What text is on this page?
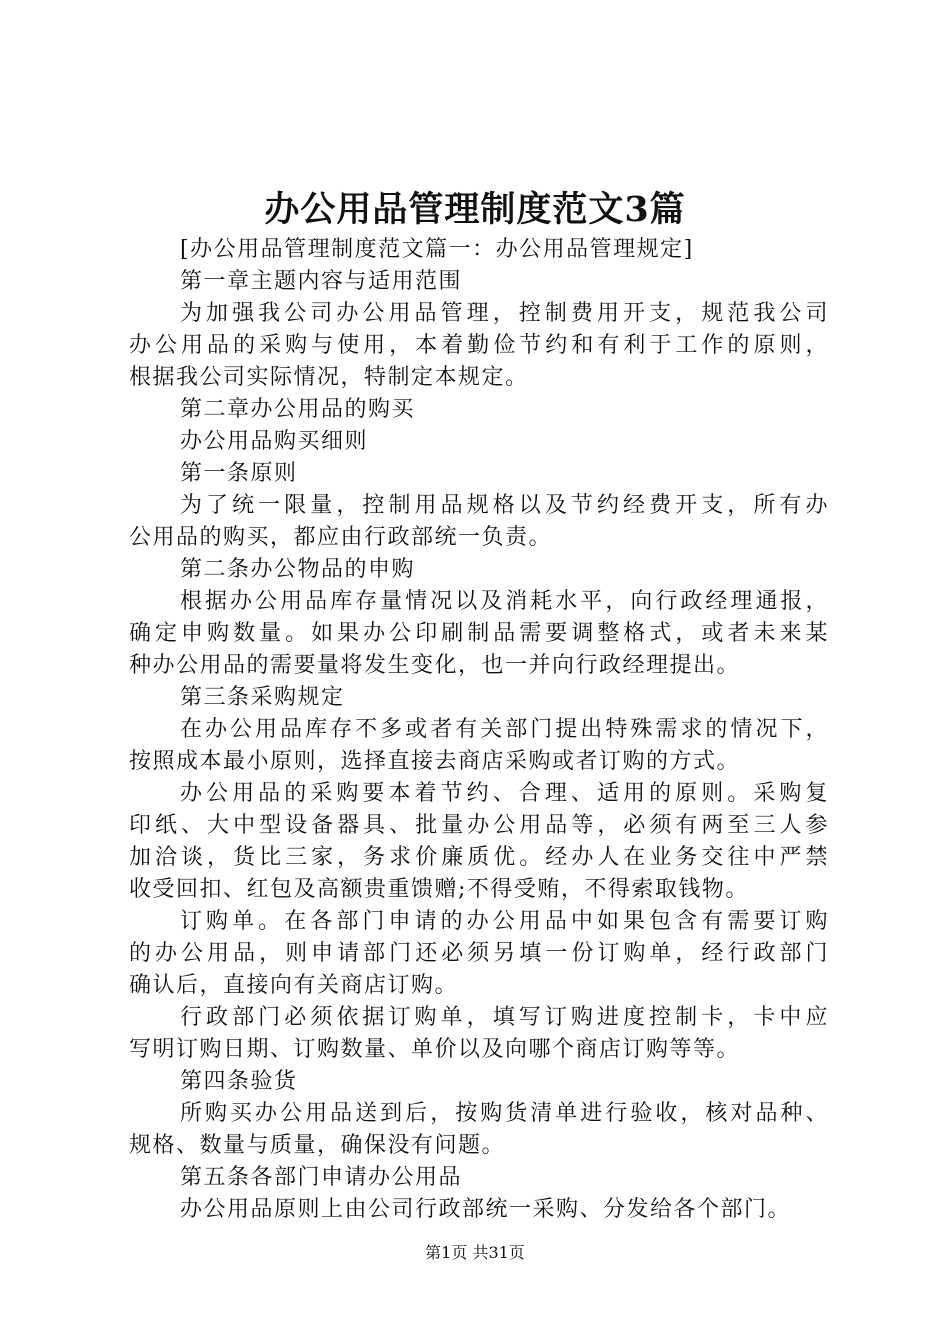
办公用品管理制度范文3篇
[办公用品管理制度范文篇一：办公用品管理规定]
第一章主题内容与适用范围
为加强我公司办公用品管理，控制费用开支，规范我公司
办公用品的采购与使用，本着勤俭节约和有利于工作的原则，
根据我公司实际情况，特制定本规定。
第二章办公用品的购买
办公用品购买细则
第一条原则
为了统一限量，控制用品规格以及节约经费开支，所有办
公用品的购买，都应由行政部统一负责。
第二条办公物品的申购
根据办公用品库存量情况以及消耗水平，向行政经理通报，
确定申购数量。如果办公印刷制品需要调整格式，或者未来某
种办公用品的需要量将发生变化，也一并向行政经理提出。
第三条采购规定
在办公用品库存不多或者有关部门提出特殊需求的情况下，
按照成本最小原则，选择直接去商店采购或者订购的方式。
办公用品的采购要本着节约、合理、适用的原则。采购复
印纸、大中型设备器具、批量办公用品等，必须有两至三人参
加洽谈，货比三家，务求价廉质优。经办人在业务交往中严禁
收受回扣、红包及高额贵重馈赠;不得受贿，不得索取钱物。
订购单。在各部门申请的办公用品中如果包含有需要订购
的办公用品，则申请部门还必须另填一份订购单，经行政部门
确认后，直接向有关商店订购。
行政部门必须依据订购单，填写订购进度控制卡，卡中应
写明订购日期、订购数量、单价以及向哪个商店订购等等。
第四条验货
所购买办公用品送到后，按购货清单进行验收，核对品种、
规格、数量与质量，确保没有问题。
第五条各部门申请办公用品
办公用品原则上由公司行政部统一采购、分发给各个部门。
第1页 共31页
